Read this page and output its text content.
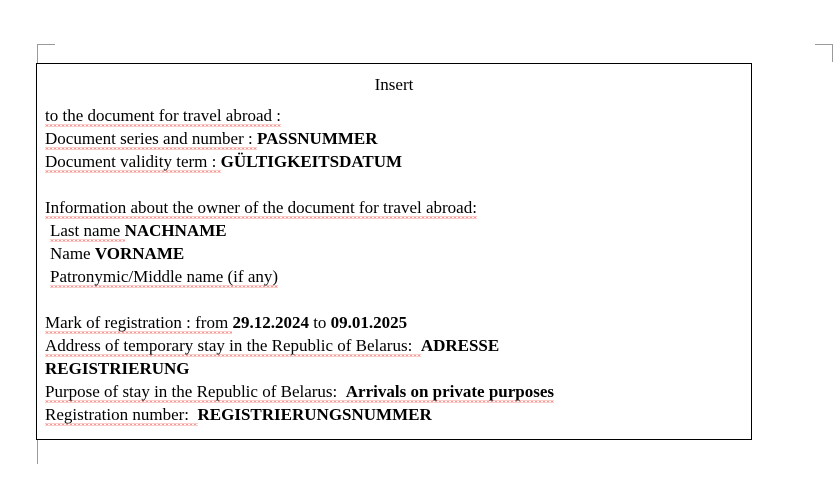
Insert
to the document for travel abroad :
Document series and number : PASSNUMMER
Document validity term : GÜLTIGKEITSDATUM
Information about the owner of the document for travel abroad:
Last name NACHNAME
Name VORNAME
Patronymic/Middle name (if any)
Mark of registration : from 29.12.2024 to 09.01.2025
Address of temporary stay in the Republic of Belarus:  ADRESSE
REGISTRIERUNG
Purpose of stay in the Republic of Belarus:  Arrivals on private purposes
Registration number:  REGISTRIERUNGSNUMMER
